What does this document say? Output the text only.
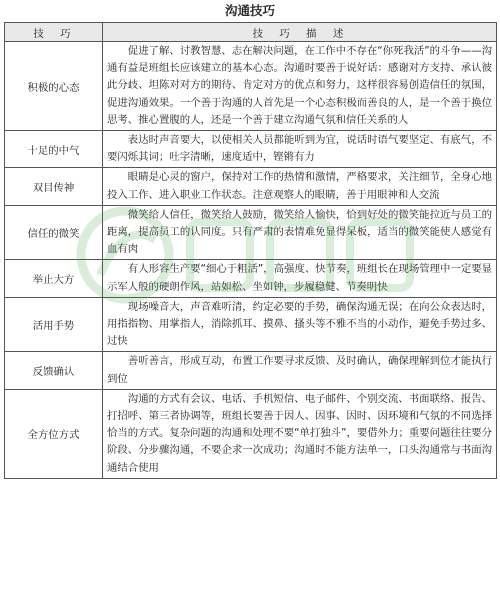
沟通技巧
技　巧	技　巧　描　述
积极的心态	促进了解、讨教智慧、志在解决问题，在工作中不存在“你死我活”的斗争——沟通有益是班组长应该建立的基本心态。沟通时要善于说好话：感谢对方支持、承认彼此分歧、坦陈对对方的期待、肯定对方的优点和努力，这样很容易创造信任的氛围，促进沟通效果。一个善于沟通的人首先是一个心态积极而善良的人，是一个善于换位思考、推心置腹的人，还是一个善于建立沟通气氛和信任关系的人
十足的中气	表达时声音要大，以使相关人员都能听到为宜，说话时语气要坚定、有底气，不要闪烁其词；吐字清晰，速度适中，铿锵有力
双目传神	眼睛是心灵的窗户，保持对工作的热情和激情，严格要求，关注细节，全身心地投入工作、进入职业工作状态。注意观察人的眼睛，善于用眼神和人交流
信任的微笑	微笑给人信任，微笑给人鼓励，微笑给人愉快，恰到好处的微笑能拉近与员工的距离，提高员工的认同度。只有严肃的表情难免显得呆板，适当的微笑能使人感觉有血有肉
举止大方	有人形容生产要“细心于粗活”，高强度、快节奏，班组长在现场管理中一定要显示军人般的硬朗作风，站如松、坐如钟，步履稳健、节奏明快
活用手势	现场噪音大，声音难听清，约定必要的手势，确保沟通无误；在向公众表达时，用指指物、用掌指人，消除抓耳、摸鼻、搔头等不雅不当的小动作，避免手势过多、过快
反馈确认	善听善言，形成互动，布置工作要寻求反馈、及时确认，确保理解到位才能执行到位
全方位方式	沟通的方式有会议、电话、手机短信、电子邮件、个别交流、书面联络、报告、打招呼、第三者协调等，班组长要善于因人、因事、因时、因环境和气氛的不同选择恰当的方式。复杂问题的沟通和处理不要“单打独斗”，要借外力；重要问题往往要分阶段、分步骤沟通，不要企求一次成功；沟通时不能方法单一，口头沟通常与书面沟通结合使用
